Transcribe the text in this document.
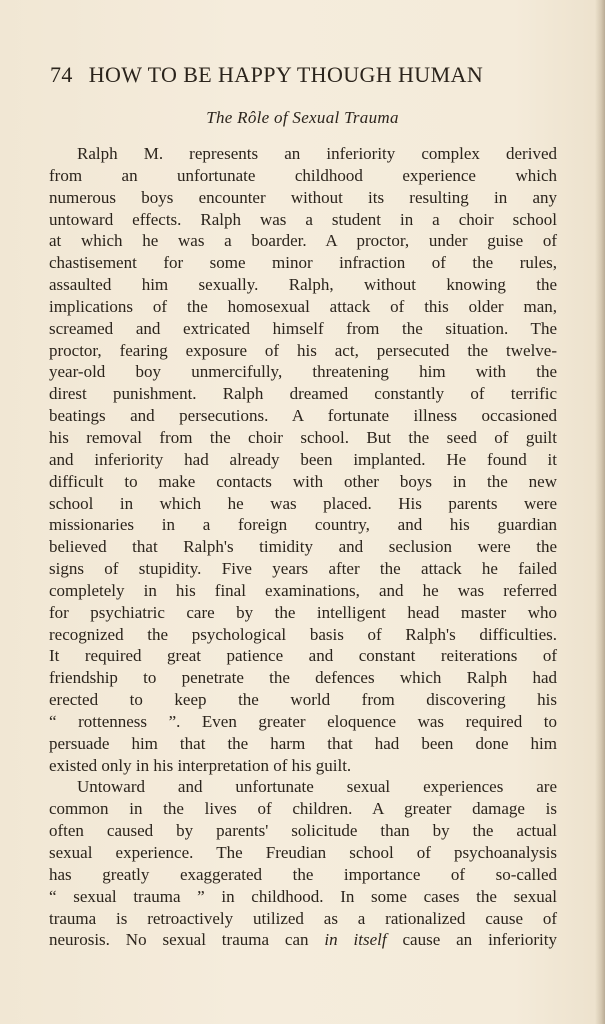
74 HOW TO BE HAPPY THOUGH HUMAN
The Rôle of Sexual Trauma
Ralph M. represents an inferiority complex derived
from an unfortunate childhood experience which
numerous boys encounter without its resulting in any
untoward effects. Ralph was a student in a choir school
at which he was a boarder. A proctor, under guise of
chastisement for some minor infraction of the rules,
assaulted him sexually. Ralph, without knowing the
implications of the homosexual attack of this older man,
screamed and extricated himself from the situation. The
proctor, fearing exposure of his act, persecuted the twelve-
year-old boy unmercifully, threatening him with the
direst punishment. Ralph dreamed constantly of terrific
beatings and persecutions. A fortunate illness occasioned
his removal from the choir school. But the seed of guilt
and inferiority had already been implanted. He found it
difficult to make contacts with other boys in the new
school in which he was placed. His parents were
missionaries in a foreign country, and his guardian
believed that Ralph's timidity and seclusion were the
signs of stupidity. Five years after the attack he failed
completely in his final examinations, and he was referred
for psychiatric care by the intelligent head master who
recognized the psychological basis of Ralph's difficulties.
It required great patience and constant reiterations of
friendship to penetrate the defences which Ralph had
erected to keep the world from discovering his
“ rottenness ”. Even greater eloquence was required to
persuade him that the harm that had been done him
existed only in his interpretation of his guilt.
Untoward and unfortunate sexual experiences are
common in the lives of children. A greater damage is
often caused by parents' solicitude than by the actual
sexual experience. The Freudian school of psychoanalysis
has greatly exaggerated the importance of so-called
“ sexual trauma ” in childhood. In some cases the sexual
trauma is retroactively utilized as a rationalized cause of
neurosis. No sexual trauma can in itself cause an inferiority
